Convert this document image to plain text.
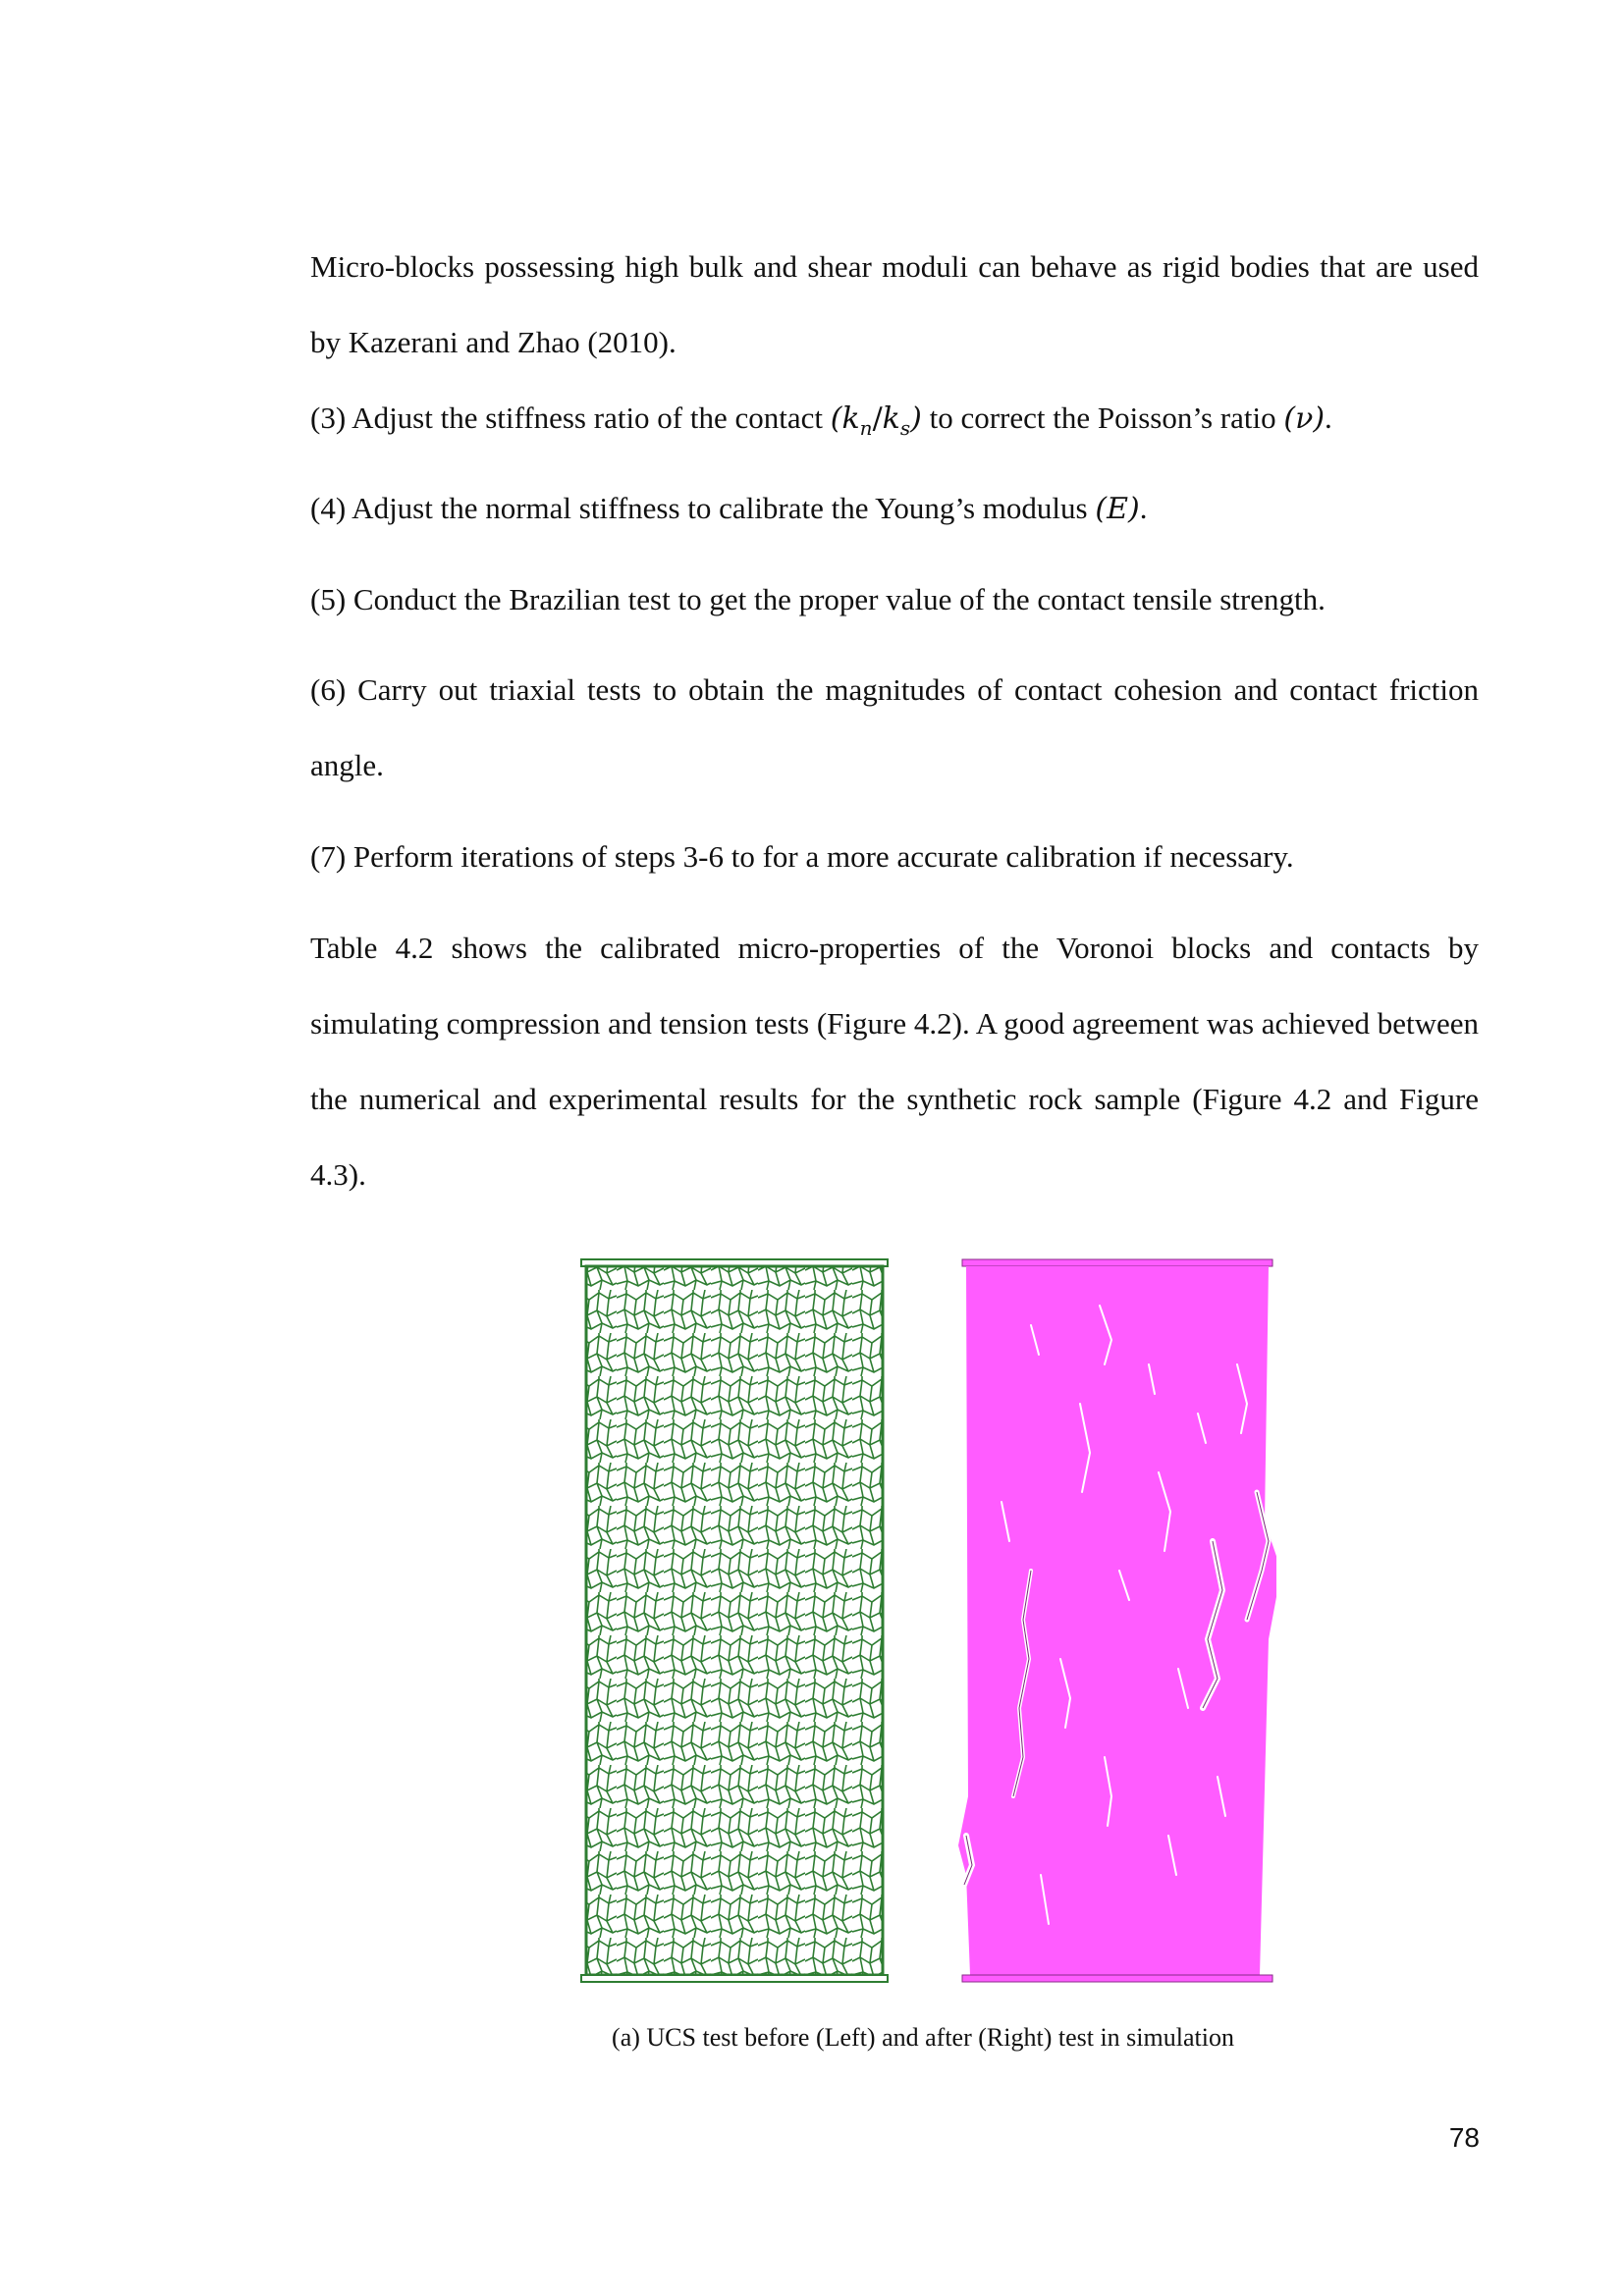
Micro-blocks possessing high bulk and shear moduli can behave as rigid bodies that are used by Kazerani and Zhao (2010).

(3) Adjust the stiffness ratio of the contact $(k_n/k_s)$ to correct the Poisson’s ratio (ν).

(4) Adjust the normal stiffness to calibrate the Young’s modulus (E).

(5) Conduct the Brazilian test to get the proper value of the contact tensile strength.

(6) Carry out triaxial tests to obtain the magnitudes of contact cohesion and contact friction angle.

(7) Perform iterations of steps 3-6 to for a more accurate calibration if necessary.

Table 4.2 shows the calibrated micro-properties of the Voronoi blocks and contacts by simulating compression and tension tests (Figure 4.2). A good agreement was achieved between the numerical and experimental results for the synthetic rock sample (Figure 4.2 and Figure 4.3).

(a) UCS test before (Left) and after (Right) test in simulation

78
